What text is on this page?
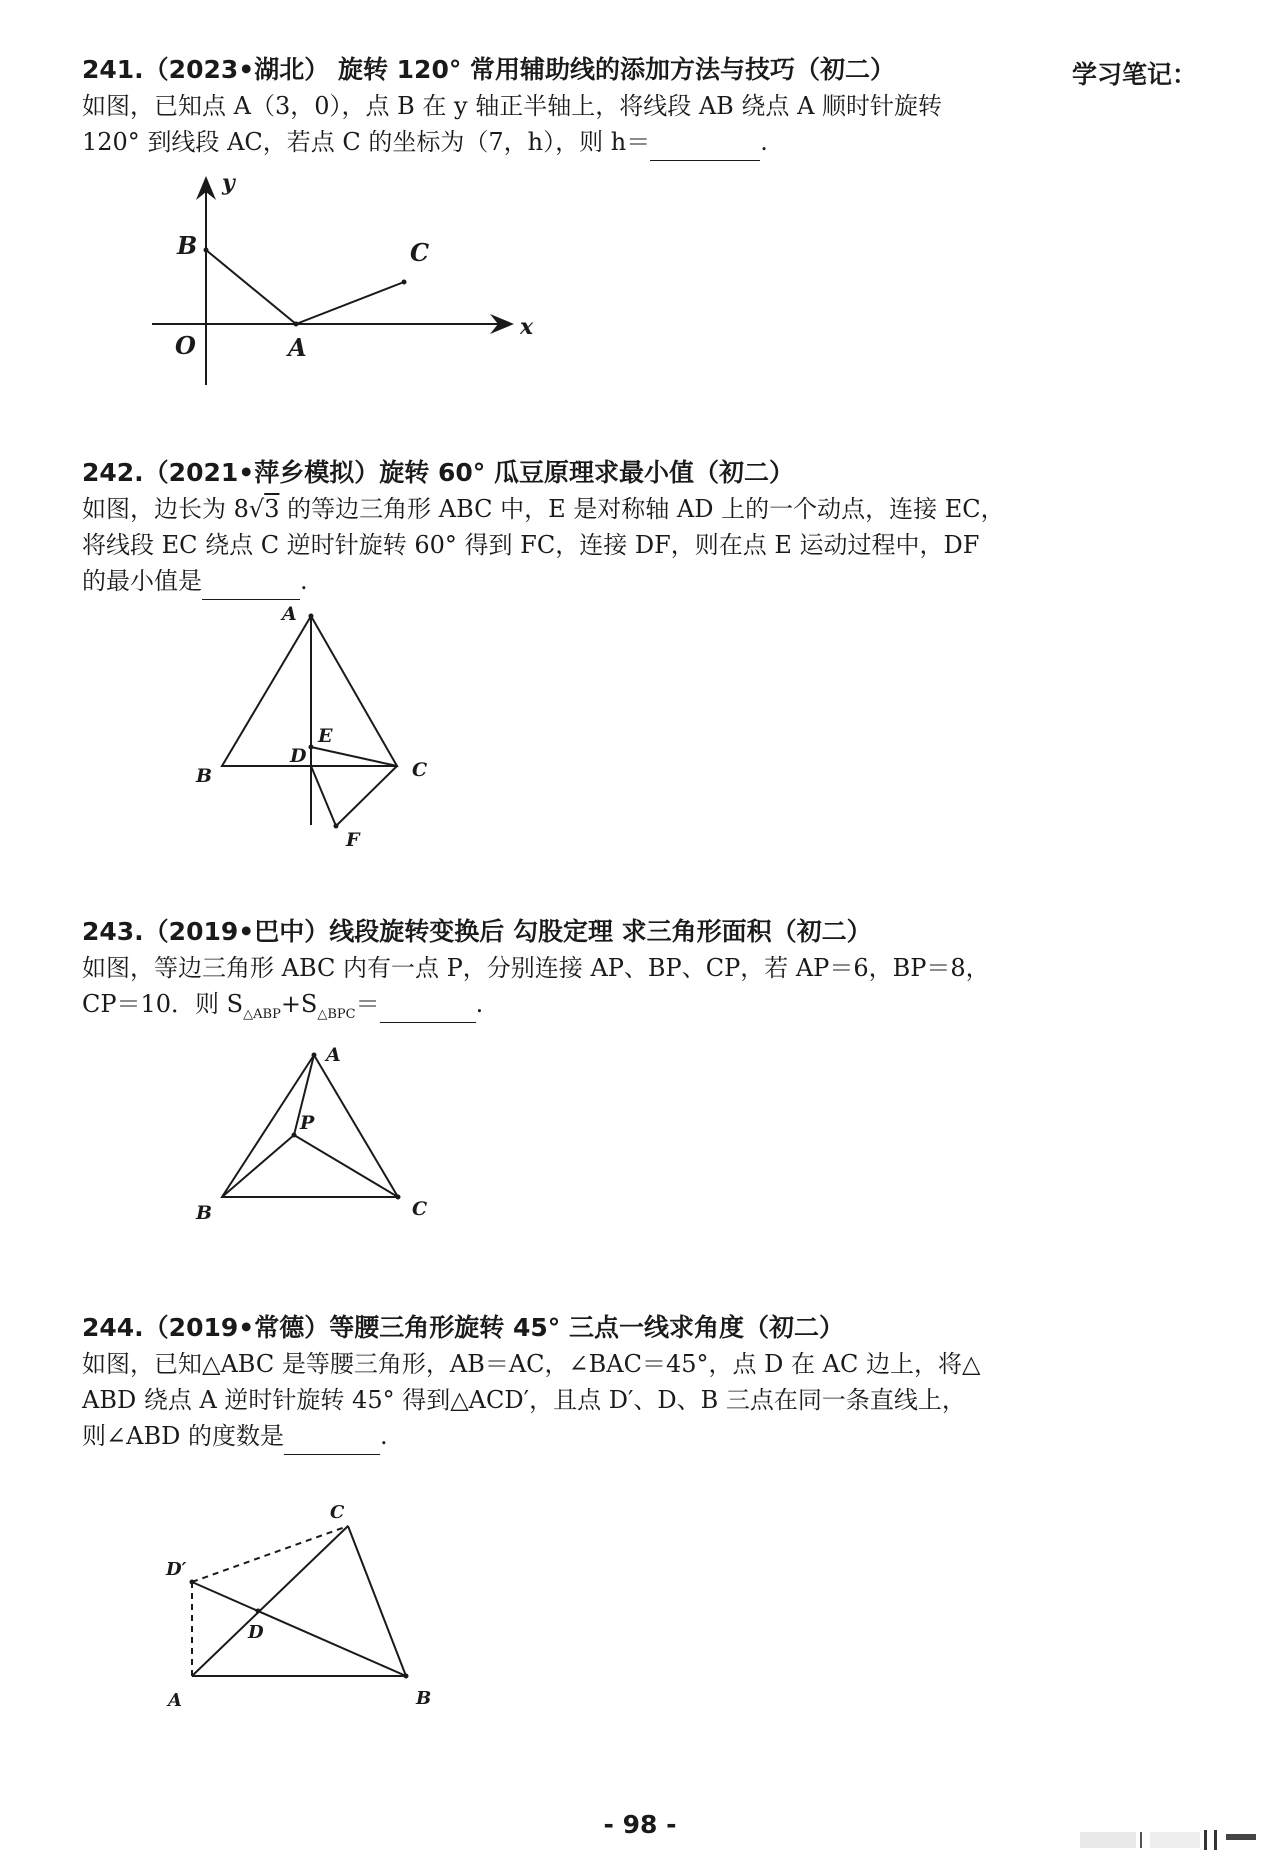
学习笔记：
241.（2023•湖北） 旋转 120° 常用辅助线的添加方法与技巧（初二）
如图，已知点 A（3，0），点 B 在 y 轴正半轴上，将线段 AB 绕点 A 顺时针旋转
120° 到线段 AC，若点 C 的坐标为（7，h），则 h＝	.
y
x
O	A
B	C
242.（2021•萍乡模拟）旋转 60° 瓜豆原理求最小值（初二）
如图，边长为 8√3 的等边三角形 ABC 中，E 是对称轴 AD 上的一个动点，连接 EC，
将线段 EC 绕点 C 逆时针旋转 60° 得到 FC，连接 DF，则在点 E 运动过程中，DF
的最小值是	.
A
B	C
D
E
F
243.（2019•巴中）线段旋转变换后 勾股定理 求三角形面积（初二）
如图，等边三角形 ABC 内有一点 P，分别连接 AP、BP、CP，若 AP＝6，BP＝8，
CP＝10．则 $S_{\triangle ABP}+S_{\triangle BPC}=$	.
A
B	C
P
244.（2019•常德）等腰三角形旋转 45° 三点一线求角度（初二）
如图，已知△ABC 是等腰三角形，AB＝AC，∠BAC＝45°，点 D 在 AC 边上，将△
ABD 绕点 A 逆时针旋转 45° 得到△ACD′，且点 D′、D、B 三点在同一条直线上，
则∠ABD 的度数是	.
A	B
C
D
D′
- 98 -
